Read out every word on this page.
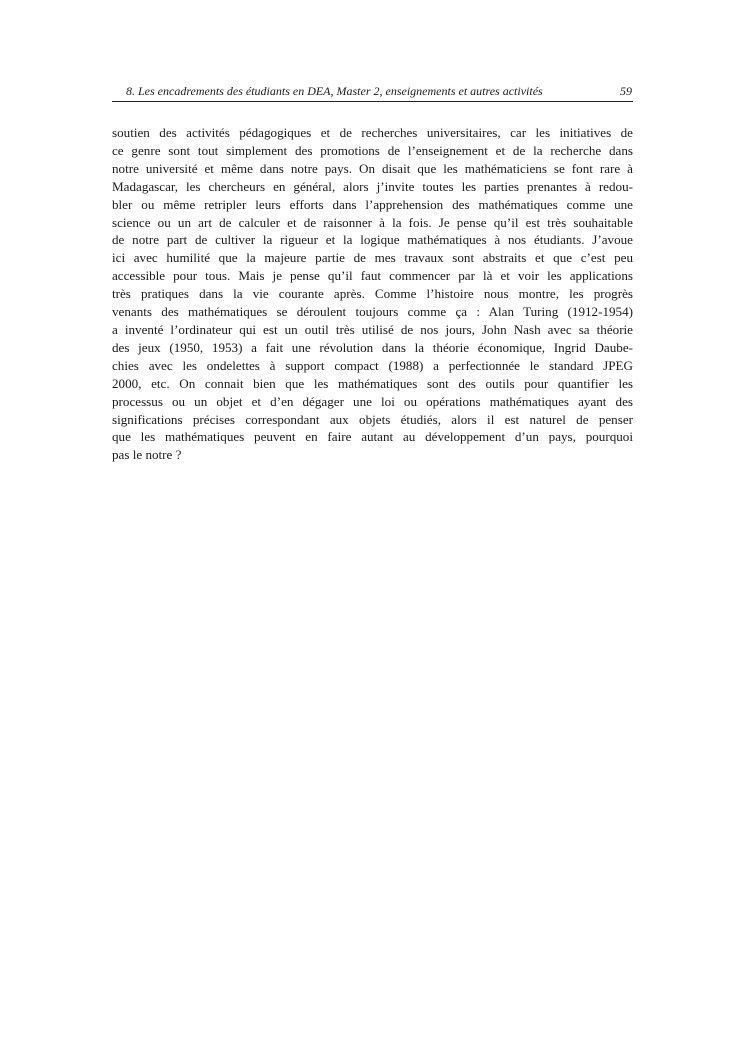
8. Les encadrements des étudiants en DEA, Master 2, enseignements et autres activités	59
soutien des activités pédagogiques et de recherches universitaires, car les initiatives de
ce genre sont tout simplement des promotions de l’enseignement et de la recherche dans
notre université et même dans notre pays. On disait que les mathématiciens se font rare à
Madagascar, les chercheurs en général, alors j’invite toutes les parties prenantes à redou-
bler ou même retripler leurs efforts dans l’apprehension des mathématiques comme une
science ou un art de calculer et de raisonner à la fois. Je pense qu’il est très souhaitable
de notre part de cultiver la rigueur et la logique mathématiques à nos étudiants. J’avoue
ici avec humilité que la majeure partie de mes travaux sont abstraits et que c’est peu
accessible pour tous. Mais je pense qu’il faut commencer par là et voir les applications
très pratiques dans la vie courante après. Comme l’histoire nous montre, les progrès
venants des mathématiques se déroulent toujours comme ça : Alan Turing (1912-1954)
a inventé l’ordinateur qui est un outil très utilisé de nos jours, John Nash avec sa théorie
des jeux (1950, 1953) a fait une révolution dans la théorie économique, Ingrid Daube-
chies avec les ondelettes à support compact (1988) a perfectionnée le standard JPEG
2000, etc. On connait bien que les mathématiques sont des outils pour quantifier les
processus ou un objet et d’en dégager une loi ou opérations mathématiques ayant des
significations précises correspondant aux objets étudiés, alors il est naturel de penser
que les mathématiques peuvent en faire autant au développement d’un pays, pourquoi
pas le notre ?
